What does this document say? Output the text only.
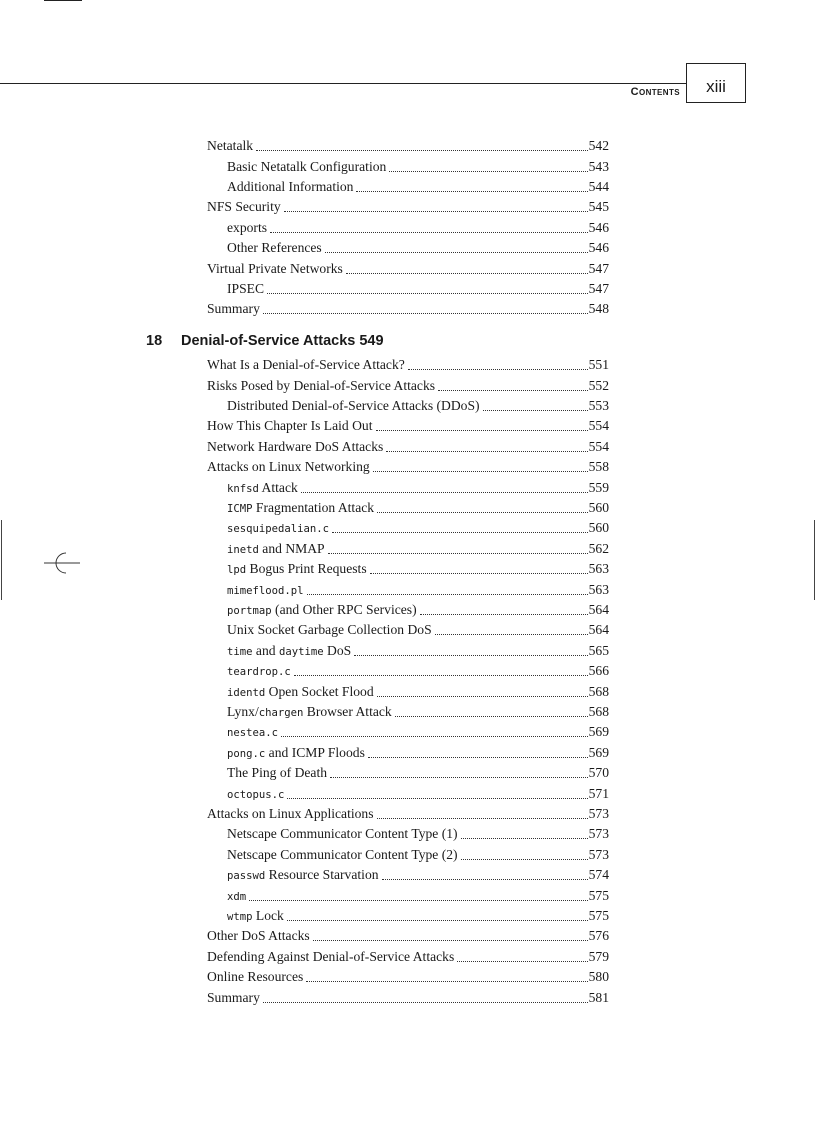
Contents	xiii
Netatalk	542
Basic Netatalk Configuration	543
Additional Information	544
NFS Security	545
exports	546
Other References	546
Virtual Private Networks	547
IPSEC	547
Summary	548
18 Denial-of-Service Attacks 549
What Is a Denial-of-Service Attack?	551
Risks Posed by Denial-of-Service Attacks	552
Distributed Denial-of-Service Attacks (DDoS)	553
How This Chapter Is Laid Out	554
Network Hardware DoS Attacks	554
Attacks on Linux Networking	558
knfsd Attack	559
ICMP Fragmentation Attack	560
sesquipedalian.c	560
inetd and NMAP	562
lpd Bogus Print Requests	563
mimeflood.pl	563
portmap (and Other RPC Services)	564
Unix Socket Garbage Collection DoS	564
time and daytime DoS	565
teardrop.c	566
identd Open Socket Flood	568
Lynx/chargen Browser Attack	568
nestea.c	569
pong.c and ICMP Floods	569
The Ping of Death	570
octopus.c	571
Attacks on Linux Applications	573
Netscape Communicator Content Type (1)	573
Netscape Communicator Content Type (2)	573
passwd Resource Starvation	574
xdm	575
wtmp Lock	575
Other DoS Attacks	576
Defending Against Denial-of-Service Attacks	579
Online Resources	580
Summary	581
